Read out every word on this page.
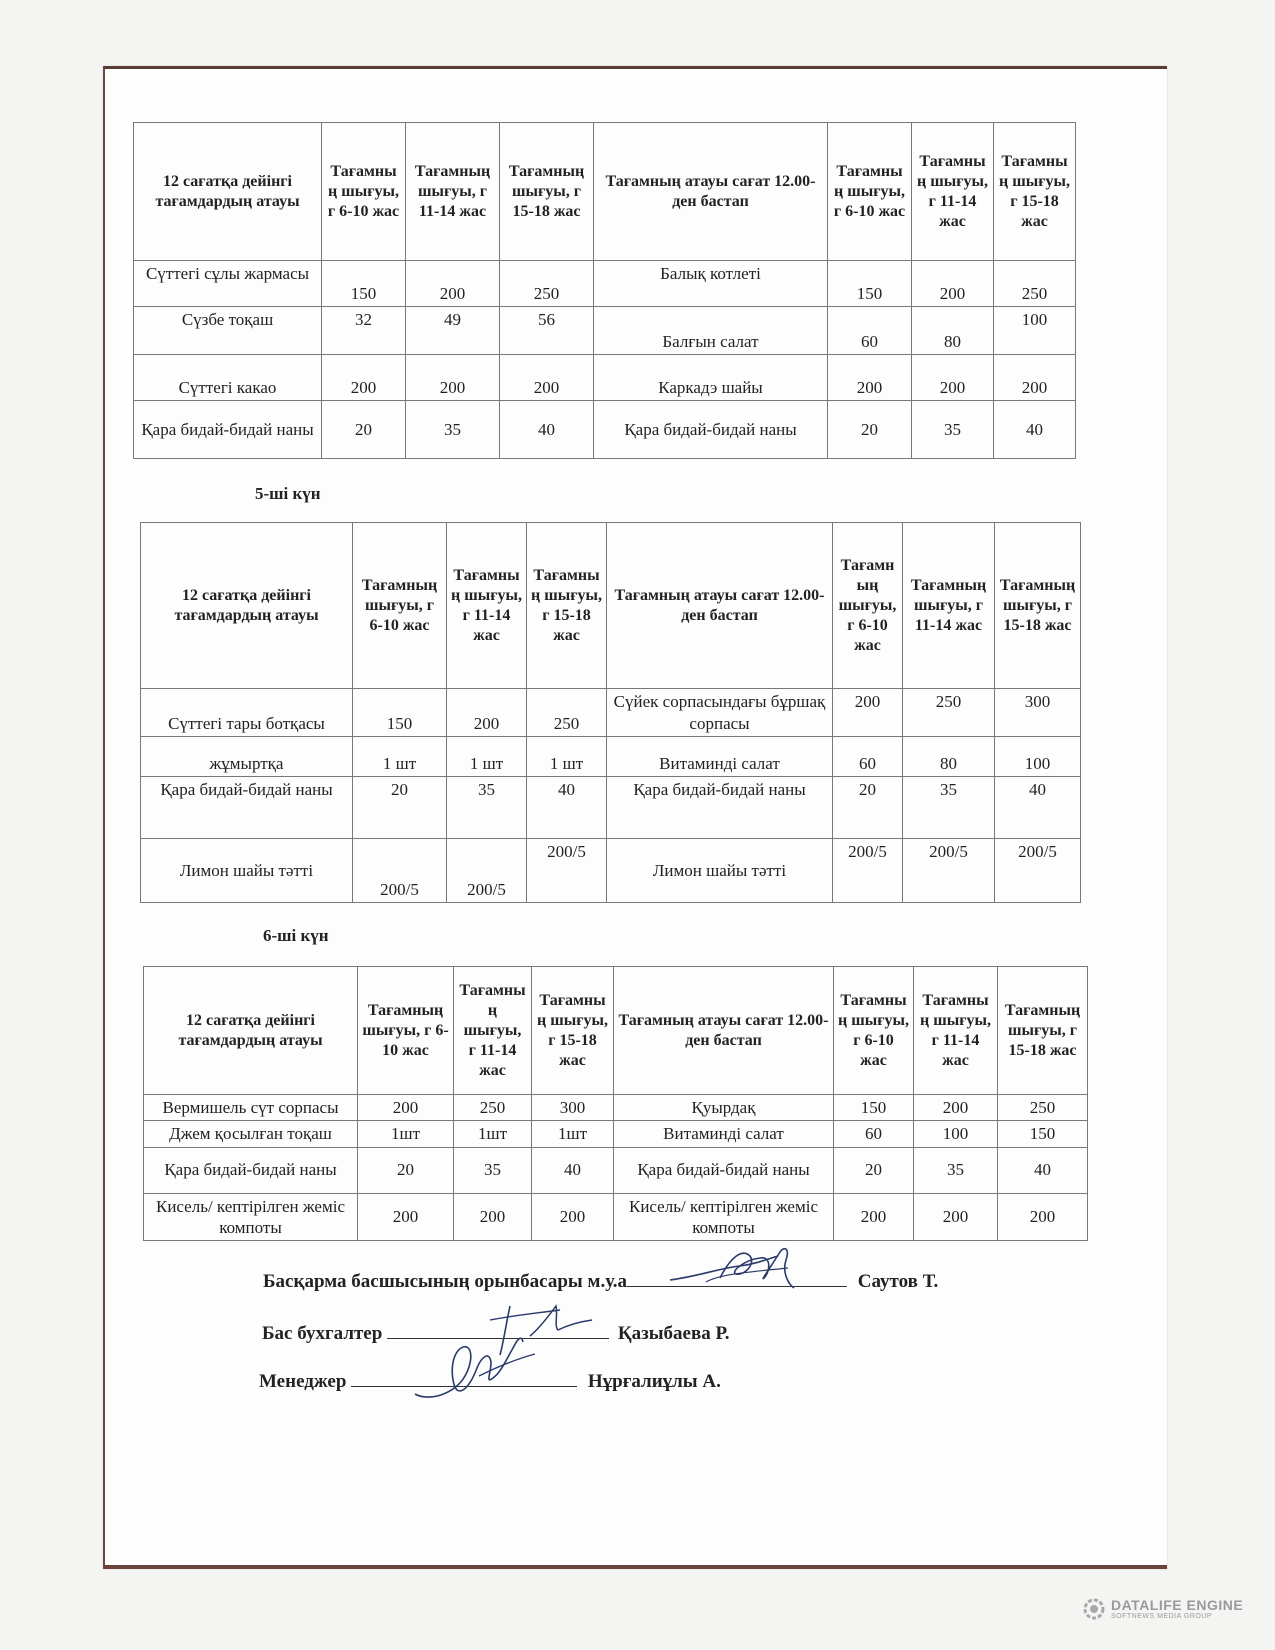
12 сағатқа дейінгі тағамдардың атауы	Тағамның шығуы, г 6-10 жас	Тағамның шығуы, г 11-14 жас	Тағамның шығуы, г 15-18 жас	Тағамның атауы сағат 12.00-ден бастап	Тағамның шығуы, г 6-10 жас	Тағамның шығуы, г 11-14 жас	Тағамның шығуы, г 15-18 жас
Сүттегі сұлы жармасы	150	200	250	Балық котлеті	150	200	250
Сүзбе тоқаш	32	49	56	Балғын салат	60	80	100
Сүттегі какао	200	200	200	Каркадэ шайы	200	200	200
Қара бидай-бидай наны	20	35	40	Қара бидай-бидай наны	20	35	40
5-ші күн
12 сағатқа дейінгі тағамдардың атауы	Тағамның шығуы, г 6-10 жас	Тағамның шығуы, г 11-14 жас	Тағамның шығуы, г 15-18 жас	Тағамның атауы сағат 12.00-ден бастап	Тағамның шығуы, г 6-10 жас	Тағамның шығуы, г 11-14 жас	Тағамның шығуы, г 15-18 жас
Сүттегі тары ботқасы	150	200	250	Сүйек сорпасындағы бұршақ сорпасы	200	250	300
жұмыртқа	1 шт	1 шт	1 шт	Витаминді салат	60	80	100
Қара бидай-бидай наны	20	35	40	Қара бидай-бидай наны	20	35	40
Лимон шайы тәтті	200/5	200/5	200/5	Лимон шайы тәтті	200/5	200/5	200/5
6-ші күн
12 сағатқа дейінгі тағамдардың атауы	Тағамның шығуы, г 6-10 жас	Тағамның шығуы, г 11-14 жас	Тағамның шығуы, г 15-18 жас	Тағамның атауы сағат 12.00-ден бастап	Тағамның шығуы, г 6-10 жас	Тағамның шығуы, г 11-14 жас	Тағамның шығуы, г 15-18 жас
Вермишель сүт сорпасы	200	250	300	Қуырдақ	150	200	250
Джем қосылған тоқаш	1шт	1шт	1шт	Витаминді салат	60	100	150
Қара бидай-бидай наны	20	35	40	Қара бидай-бидай наны	20	35	40
Кисель/ кептірілген жеміс компоты	200	200	200	Кисель/ кептірілген жеміс компоты	200	200	200
Басқарма басшысының орынбасары м.у.а	Саутов Т.
Бас бухгалтер	Қазыбаева Р.
Менеджер	Нұрғалиұлы А.
DATALIFE ENGINE
SOFTNEWS MEDIA GROUP
